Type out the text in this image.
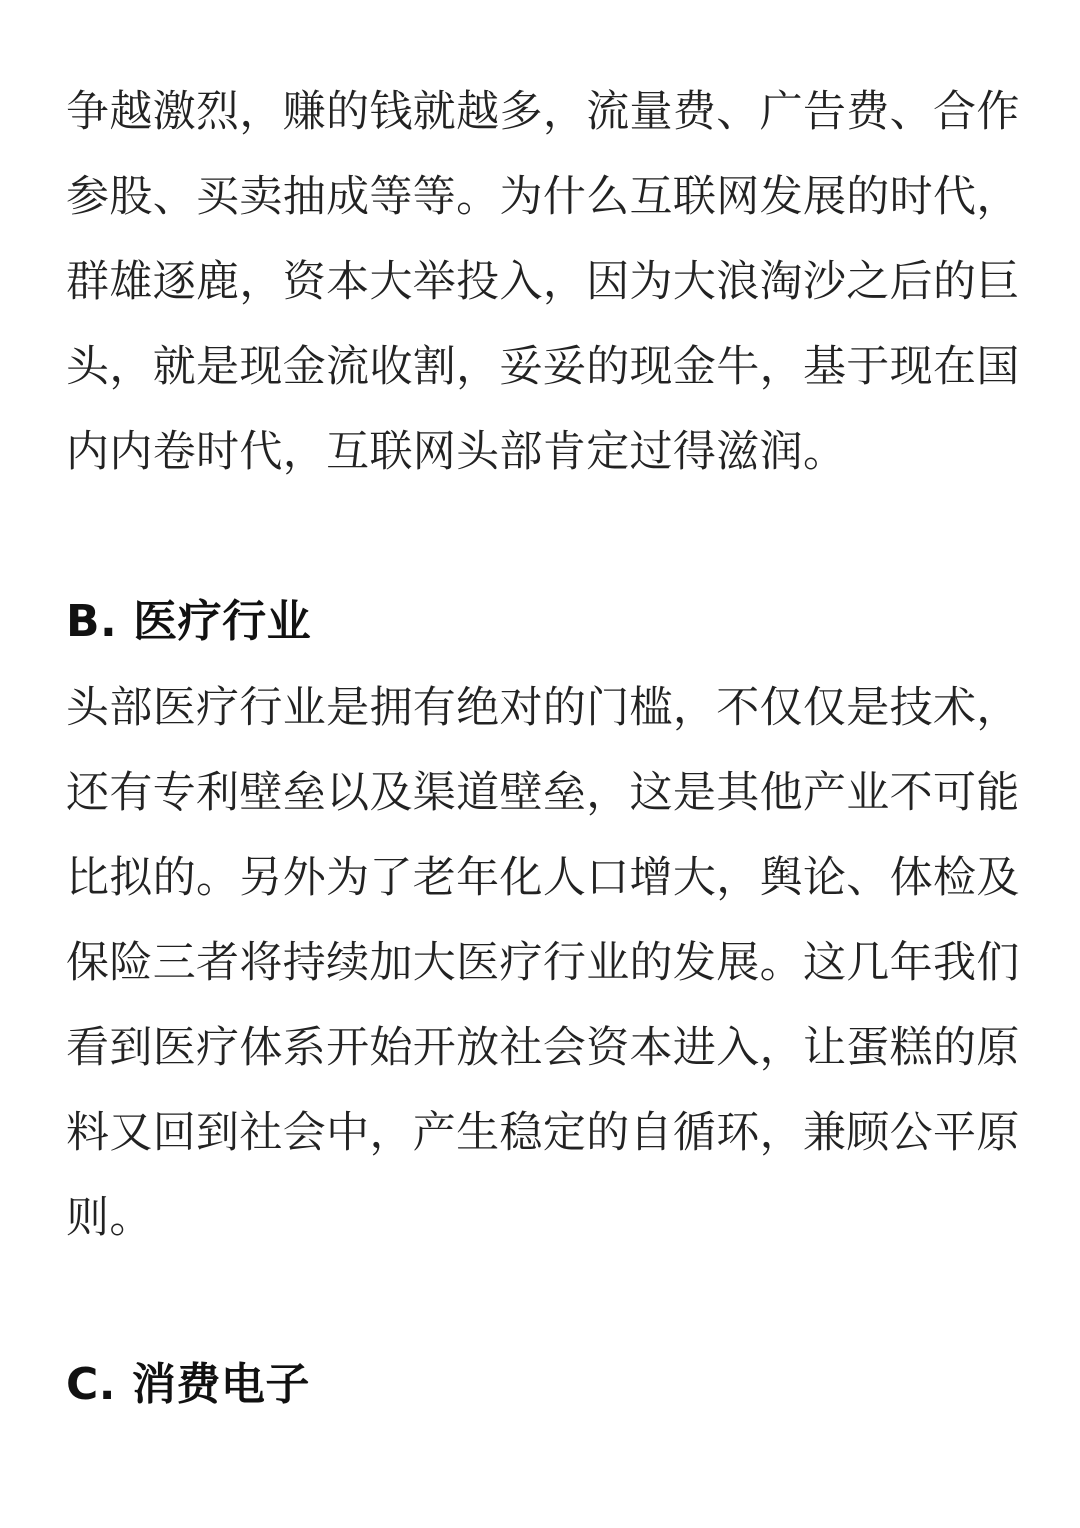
争越激烈，赚的钱就越多，流量费、广告费、合作

参股、买卖抽成等等。为什么互联网发展的时代，

群雄逐鹿，资本大举投入，因为大浪淘沙之后的巨

头，就是现金流收割，妥妥的现金牛，基于现在国

内内卷时代，互联网头部肯定过得滋润。

B. 医疗行业

头部医疗行业是拥有绝对的门槛，不仅仅是技术，

还有专利壁垒以及渠道壁垒，这是其他产业不可能

比拟的。另外为了老年化人口增大，舆论、体检及

保险三者将持续加大医疗行业的发展。这几年我们

看到医疗体系开始开放社会资本进入，让蛋糕的原

料又回到社会中，产生稳定的自循环，兼顾公平原

则。

C. 消费电子
